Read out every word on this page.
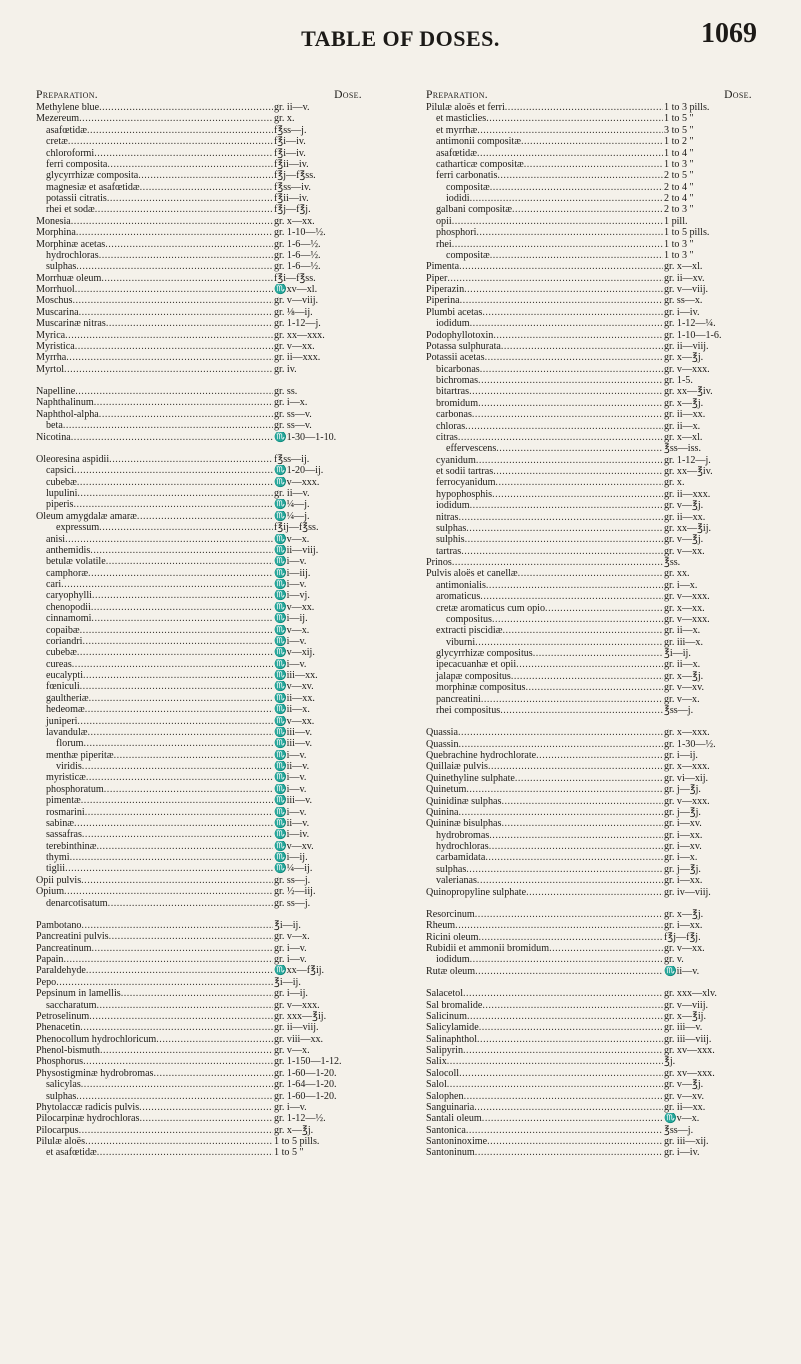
TABLE OF DOSES.	1069
Preparation.	Dose.
Methylene blue .....	gr. ii—v.
Mezereum .....	gr. x.
asafœtidæ .....	f℥ss—j.
cretæ .....	f℥i—iv.
chloroformi .....	f℥i—iv.
ferri composita .....	f℥ii—iv.
glycyrrhizæ composita .....	f℥j—f℥ss.
magnesiæ et asafœtidæ .....	f℥ss—iv.
potassii citratis .....	f℥ii—iv.
rhei et sodæ .....	f℥j—f℥j.
Monesia .....	gr. x—xx.
Morphina .....	gr. 1-10—½.
Morphinæ acetas .....	gr. 1-6—½.
hydrochloras .....	gr. 1-6—½.
sulphas .....	gr. 1-6—½.
Morrhuæ oleum .....	f℥i—f℥ss.
Morrhuol .....	♏xv—xl.
Moschus .....	gr. v—viij.
Muscarina .....	gr. ⅛—ij.
Muscarinæ nitras .....	gr. 1-12—j.
Myrica .....	gr. xx—xxx.
Myristica .....	gr. v—xx.
Myrrha .....	gr. ii—xxx.
Myrtol .....	gr. iv.
Napelline .....	gr. ss.
Naphthalinum .....	gr. i—x.
Naphthol-alpha .....	gr. ss—v.
beta .....	gr. ss—v.
Nicotina .....	♏1-30—1-10.
Oleoresina aspidii .....	f℥ss—ij.
capsici .....	♏1-20—ij.
cubebæ .....	♏v—xxx.
lupulini .....	gr. ii—v.
piperis .....	♏¼—j.
Oleum amygdalæ amaræ .....	♏¼—j.
expressum .....	f℥ij—f℥ss.
anisi .....	♏v—x.
anthemidis .....	♏ii—viij.
betulæ volatile .....	♏i—v.
camphoræ .....	♏i—iij.
cari .....	♏i—v.
caryophylli .....	♏i—vj.
chenopodii .....	♏v—xx.
cinnamomi .....	♏i—ij.
copaibæ .....	♏v—x.
coriandri .....	♏i—v.
cubebæ .....	♏v—xij.
cureas .....	♏i—v.
eucalypti .....	♏iii—xx.
fœniculi .....	♏v—xv.
gaultheriæ .....	♏ii—xx.
hedeomæ .....	♏ii—x.
juniperi .....	♏v—xx.
lavandulæ .....	♏iii—v.
florum .....	♏iii—v.
menthæ piperitæ .....	♏i—v.
viridis .....	♏ii—v.
myristicæ .....	♏i—v.
phosphoratum .....	♏i—v.
pimentæ .....	♏iii—v.
rosmarini .....	♏i—v.
sabinæ .....	♏ii—v.
sassafras .....	♏i—iv.
terebinthinæ .....	♏v—xv.
thymi .....	♏i—ij.
tiglii .....	♏¼—ij.
Opii pulvis .....	gr. ss—j.
Opium .....	gr. ½—iij.
denarcotisatum .....	gr. ss—j.
Pambotano .....	℥i—ij.
Pancreatini pulvis .....	gr. v—x.
Pancreatinum .....	gr. i—v.
Papain .....	gr. i—v.
Paraldehyde .....	♏xx—f℥ij.
Pepo .....	℥i—ij.
Pepsinum in lamellis .....	gr. i—ij.
saccharatum .....	gr. v—xxx.
Petroselinum .....	gr. xxx—℥ij.
Phenacetin .....	gr. ii—viij.
Phenocollum hydrochloricum .....	gr. viii—xx.
Phenol-bismuth .....	gr. v—x.
Phosphorus .....	gr. 1-150—1-12.
Physostigminæ hydrobromas .....	gr. 1-60—1-20.
salicylas .....	gr. 1-64—1-20.
sulphas .....	gr. 1-60—1-20.
Phytolaccæ radicis pulvis .....	gr. i—v.
Pilocarpinæ hydrochloras .....	gr. 1-12—½.
Pilocarpus .....	gr. x—℥j.
Pilulæ aloës .....	1 to 5 pills.
et asafœtidæ .....	1 to 5 "
Preparation.	Dose.
Pilulæ aloës et ferri .....	1 to 3 pills.
et masticlies .....	1 to 5 "
et myrrhæ .....	3 to 5 "
antimonii compositæ .....	1 to 2 "
asafœtidæ .....	1 to 4 "
catharticæ compositæ .....	1 to 3 "
ferri carbonatis .....	2 to 5 "
compositæ .....	2 to 4 "
iodidi .....	2 to 4 "
galbani compositæ .....	2 to 3 "
opii .....	1 pill.
phosphori .....	1 to 5 pills.
rhei .....	1 to 3 "
compositæ .....	1 to 3 "
Pimenta .....	gr. x—xl.
Piper .....	gr. ii—xv.
Piperazin .....	gr. v—viij.
Piperina .....	gr. ss—x.
Plumbi acetas .....	gr. i—iv.
iodidum .....	gr. 1-12—¼.
Podophyllotoxin .....	gr. 1-10—1-6.
Potassa sulphurata .....	gr. ii—viij.
Potassii acetas .....	gr. x—℥j.
bicarbonas .....	gr. v—xxx.
bichromas .....	gr. 1-5.
bitartras .....	gr. xx—℥iv.
bromidum .....	gr. x—℥j.
carbonas .....	gr. ii—xx.
chloras .....	gr. ii—x.
citras .....	gr. x—xl.
effervescens .....	℥ss—iss.
cyanidum .....	gr. 1-12—j.
et sodii tartras .....	gr. xx—℥iv.
ferrocyanidum .....	gr. x.
hypophosphis .....	gr. ii—xxx.
iodidum .....	gr. v—℥j.
nitras .....	gr. ii—xx.
sulphas .....	gr. xx—℥ij.
sulphis .....	gr. v—℥j.
tartras .....	gr. v—xx.
Prinos .....	℥ss.
Pulvis aloës et canellæ .....	gr. xx.
antimonialis .....	gr. i—x.
aromaticus .....	gr. v—xxx.
cretæ aromaticus cum opio .....	gr. x—xx.
compositus .....	gr. v—xxx.
extracti piscidiæ .....	gr. ii—x.
viburni .....	gr. iii—x.
glycyrrhizæ compositus .....	℥i—ij.
ipecacuanhæ et opii .....	gr. ii—x.
jalapæ compositus .....	gr. x—℥j.
morphinæ compositus .....	gr. v—xv.
pancreatini .....	gr. v—x.
rhei compositus .....	℥ss—j.
Quassia .....	gr. x—xxx.
Quassin .....	gr. 1-30—½.
Quebrachine hydrochlorate .....	gr. i—ij.
Quillaiæ pulvis .....	gr. x—xxx.
Quinethyline sulphate .....	gr. vi—xij.
Quinetum .....	gr. j—℥j.
Quinidinæ sulphas .....	gr. v—xxx.
Quinina .....	gr. j—℥j.
Quininæ bisulphas .....	gr. i—xv.
hydrobromas .....	gr. i—xx.
hydrochloras .....	gr. i—xv.
carbamidata .....	gr. i—x.
sulphas .....	gr. j—℥j.
valerianas .....	gr. i—xx.
Quinopropyline sulphate .....	gr. iv—viij.
Resorcinum .....	gr. x—℥j.
Rheum .....	gr. i—xx.
Ricini oleum .....	f℥j—f℥j.
Rubidii et ammonii bromidum .....	gr. v—xx.
iodidum .....	gr. v.
Rutæ oleum .....	♏ii—v.
Salacetol .....	gr. xxx—xlv.
Sal bromalide .....	gr. v—viij.
Salicinum .....	gr. x—℥ij.
Salicylamide .....	gr. iii—v.
Salinaphthol .....	gr. iii—viij.
Salipyrin .....	gr. xv—xxx.
Salix .....	℥j.
Salocoll .....	gr. xv—xxx.
Salol .....	gr. v—℥j.
Salophen .....	gr. v—xv.
Sanguinaria .....	gr. ii—xx.
Santali oleum .....	♏v—x.
Santonica .....	℥ss—j.
Santoninoxime .....	gr. iii—xij.
Santoninum .....	gr. i—iv.
